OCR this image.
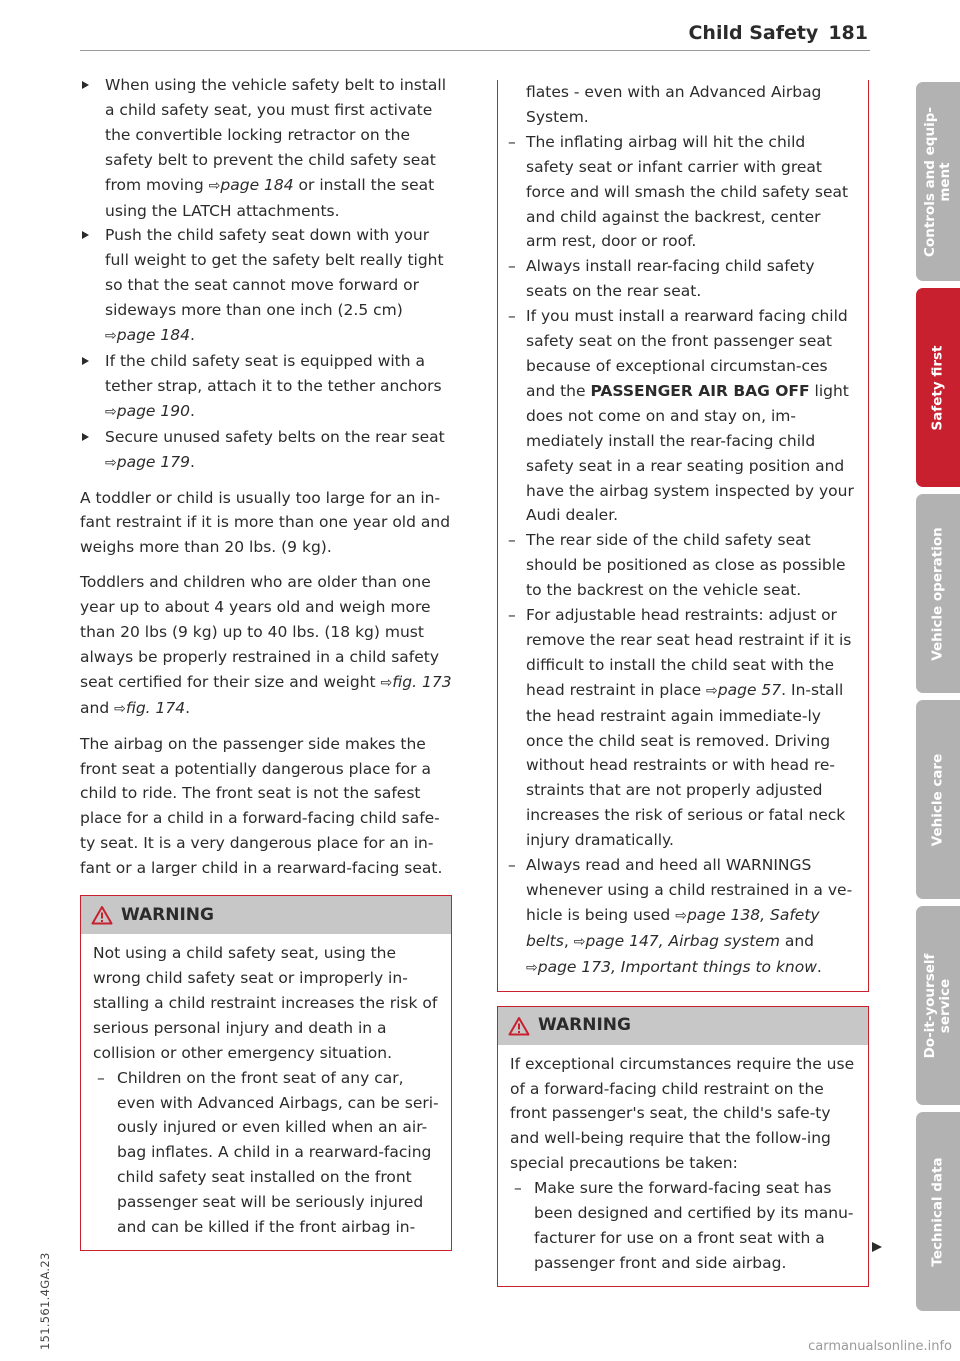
Child Safety 181
When using the vehicle safety belt to install a child safety seat, you must first activate the convertible locking retractor on the safety belt to prevent the child safety seat from moving ⇨page 184 or install the seat using the LATCH attachments.
Push the child safety seat down with your full weight to get the safety belt really tight so that the seat cannot move forward or sideways more than one inch (2.5 cm) ⇨page 184.
If the child safety seat is equipped with a tether strap, attach it to the tether anchors ⇨page 190.
Secure unused safety belts on the rear seat ⇨page 179.

A toddler or child is usually too large for an in-fant restraint if it is more than one year old and weighs more than 20 lbs. (9 kg).

Toddlers and children who are older than one year up to about 4 years old and weigh more than 20 lbs (9 kg) up to 40 lbs. (18 kg) must always be properly restrained in a child safety seat certified for their size and weight ⇨fig. 173 and ⇨fig. 174.

The airbag on the passenger side makes the front seat a potentially dangerous place for a child to ride. The front seat is not the safest place for a child in a forward-facing child safe-ty seat. It is a very dangerous place for an in-fant or a larger child in a rearward-facing seat.

WARNING

Not using a child safety seat, using the wrong child safety seat or improperly in-stalling a child restraint increases the risk of serious personal injury and death in a collision or other emergency situation.

– Children on the front seat of any car, even with Advanced Airbags, can be seri-ously injured or even killed when an air-bag inflates. A child in a rearward-facing child safety seat installed on the front passenger seat will be seriously injured and can be killed if the front airbag in-

flates - even with an Advanced Airbag System.

– The inflating airbag will hit the child safety seat or infant carrier with great force and will smash the child safety seat and child against the backrest, center arm rest, door or roof.
– Always install rear-facing child safety seats on the rear seat.
– If you must install a rearward facing child safety seat on the front passenger seat because of exceptional circumstan-ces and the PASSENGER AIR BAG OFF light does not come on and stay on, im-mediately install the rear-facing child safety seat in a rear seating position and have the airbag system inspected by your Audi dealer.
– The rear side of the child safety seat should be positioned as close as possible to the backrest on the vehicle seat.
– For adjustable head restraints: adjust or remove the rear seat head restraint if it is difficult to install the child seat with the head restraint in place ⇨page 57. In-stall the head restraint again immediate-ly once the child seat is removed. Driving without head restraints or with head re-straints that are not properly adjusted increases the risk of serious or fatal neck injury dramatically.
– Always read and heed all WARNINGS whenever using a child restrained in a ve-hicle is being used ⇨page 138, Safety belts, ⇨page 147, Airbag system and ⇨page 173, Important things to know.
WARNING

If exceptional circumstances require the use of a forward-facing child restraint on the front passenger's seat, the child's safe-ty and well-being require that the follow-ing special precautions be taken:

– Make sure the forward-facing seat has been designed and certified by its manu-facturer for use on a front seat with a passenger front and side airbag.
Controls and equip-
ment
Safety first
Vehicle operation
Vehicle care
Do-it-yourself
service
Technical data
151.561.4GA.23	carmanualsonline.info
